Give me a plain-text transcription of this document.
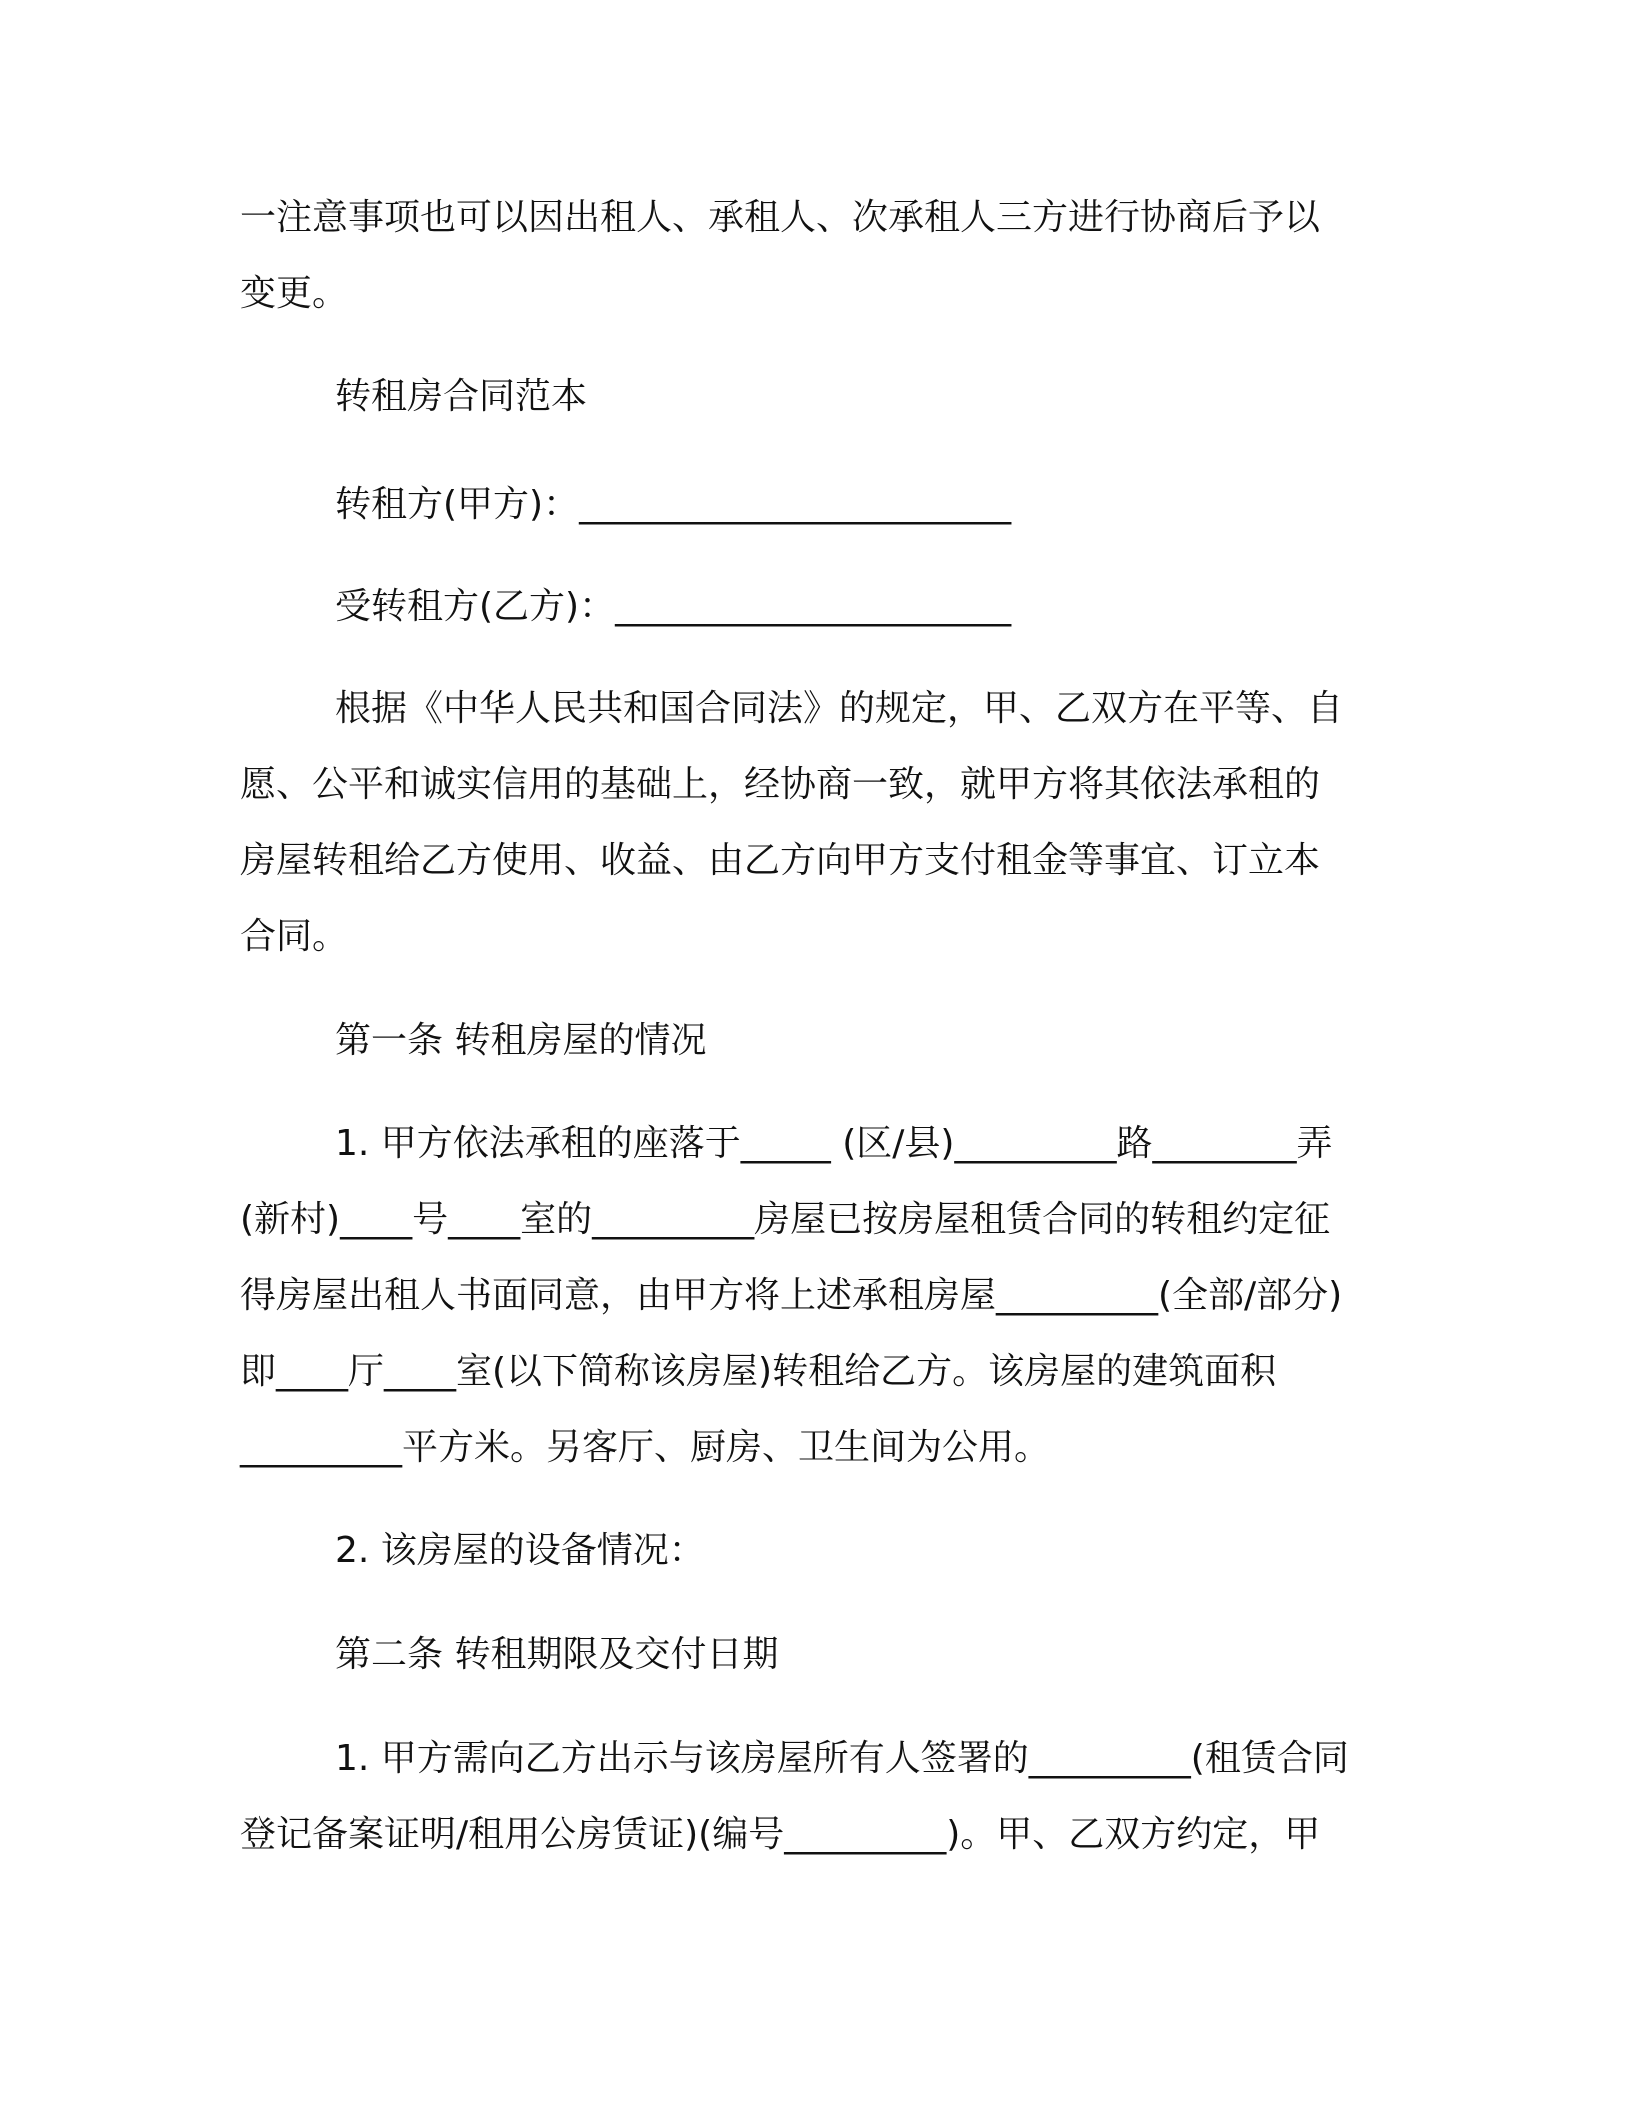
一注意事项也可以因出租人、承租人、次承租人三方进行协商后予以

变更。

转租房合同范本

转租方(甲方)：________________________

受转租方(乙方)：______________________

根据《中华人民共和国合同法》的规定，甲、乙双方在平等、自

愿、公平和诚实信用的基础上，经协商一致，就甲方将其依法承租的

房屋转租给乙方使用、收益、由乙方向甲方支付租金等事宜、订立本

合同。

第一条 转租房屋的情况

1. 甲方依法承租的座落于_____ (区/县)_________路________弄

(新村)____号____室的_________房屋已按房屋租赁合同的转租约定征

得房屋出租人书面同意，由甲方将上述承租房屋_________(全部/部分)

即____厅____室(以下简称该房屋)转租给乙方。该房屋的建筑面积

_________平方米。另客厅、厨房、卫生间为公用。

2. 该房屋的设备情况：

第二条 转租期限及交付日期

1. 甲方需向乙方出示与该房屋所有人签署的_________(租赁合同

登记备案证明/租用公房赁证)(编号_________)。甲、乙双方约定，甲
